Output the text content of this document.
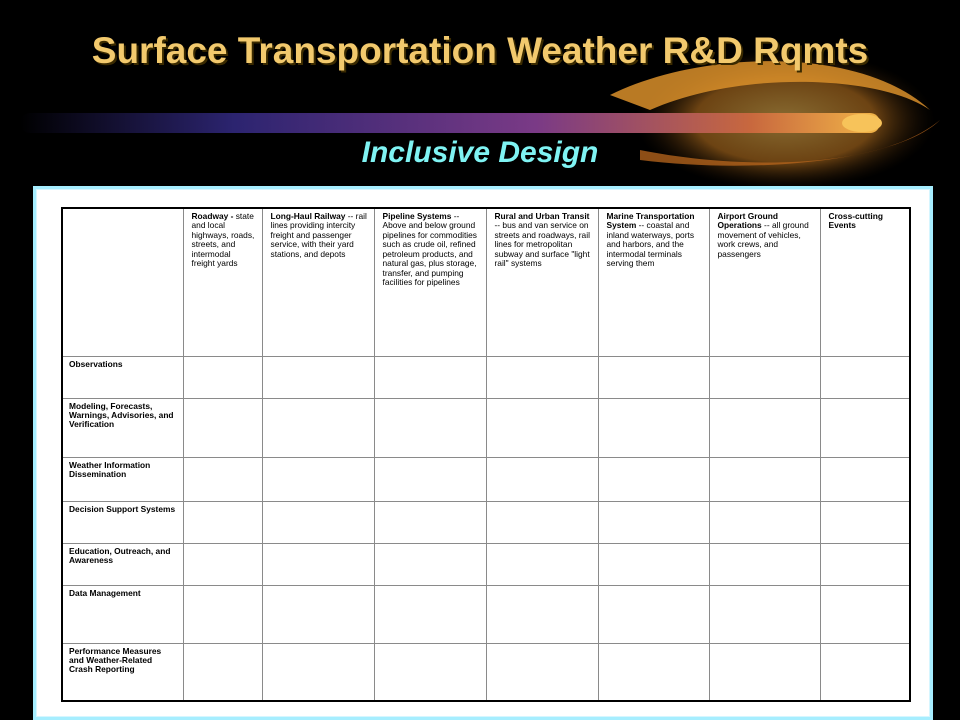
Surface Transportation Weather R&D Rqmts
Inclusive Design
	Roadway - state and local highways, roads, streets, and intermodal freight yards	Long-Haul Railway -- rail lines providing intercity freight and passenger service, with their yard stations, and depots	Pipeline Systems -- Above and below ground pipelines for commodities such as crude oil, refined petroleum products, and natural gas, plus storage, transfer, and pumping facilities for pipelines	Rural and Urban Transit -- bus and van service on streets and roadways, rail lines for metropolitan subway and surface "light rail" systems	Marine Transportation System -- coastal and inland waterways, ports and harbors, and the intermodal terminals serving them	Airport Ground Operations -- all ground movement of vehicles, work crews, and passengers	Cross-cutting Events
Observations							
Modeling, Forecasts, Warnings, Advisories, and Verification							
Weather Information Dissemination							
Decision Support Systems							
Education, Outreach, and Awareness							
Data Management							
Performance Measures and Weather-Related Crash Reporting							
